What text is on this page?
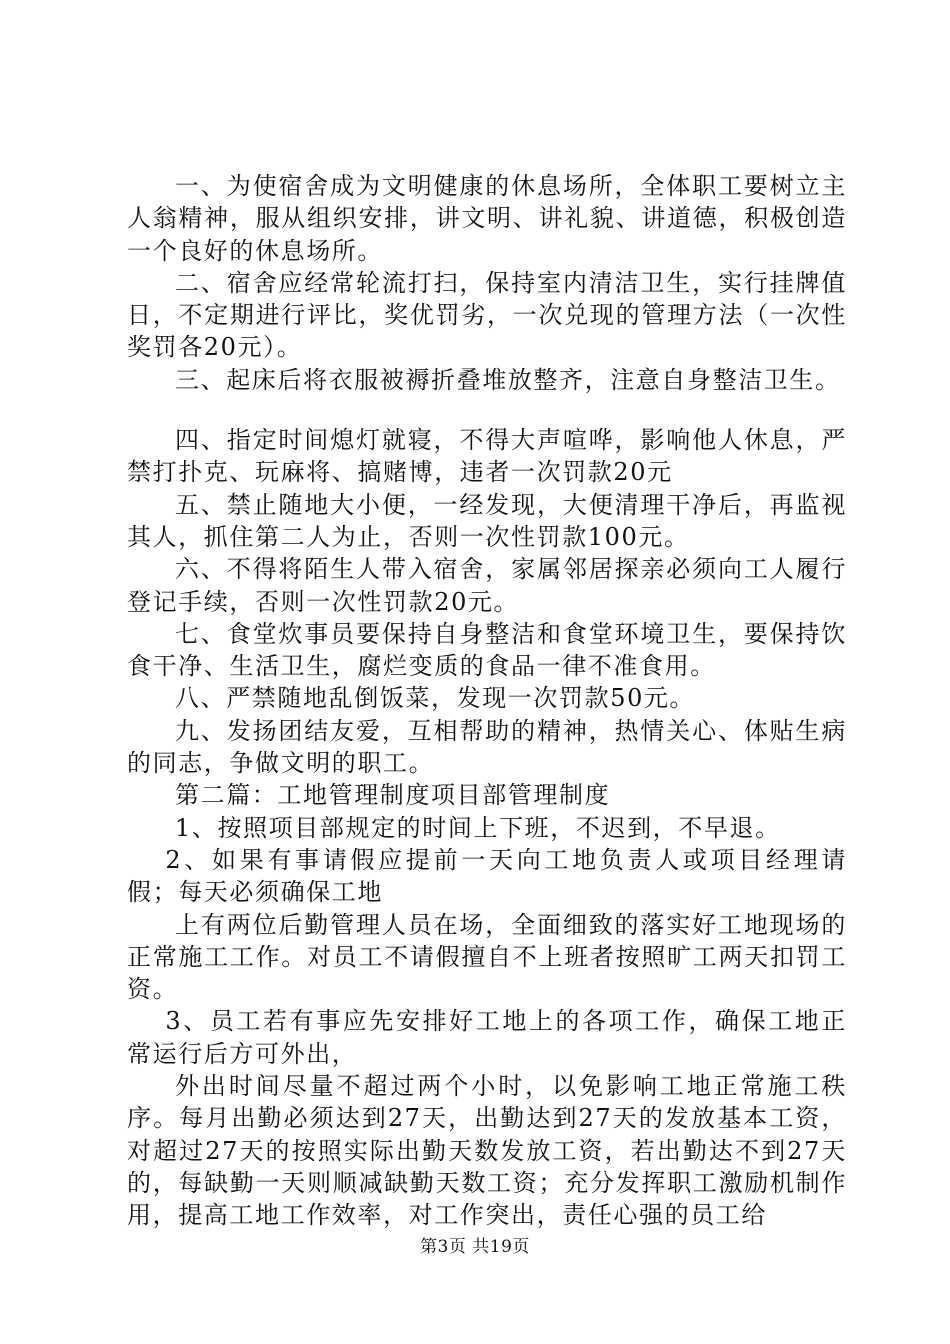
一、为使宿舍成为文明健康的休息场所，全体职工要树立主人翁精神，服从组织安排，讲文明、讲礼貌、讲道德，积极创造一个良好的休息场所。

二、宿舍应经常轮流打扫，保持室内清洁卫生，实行挂牌值日，不定期进行评比，奖优罚劣，一次兑现的管理方法（一次性奖罚各20元）。

三、起床后将衣服被褥折叠堆放整齐，注意自身整洁卫生。

四、指定时间熄灯就寝，不得大声喧哗，影响他人休息，严禁打扑克、玩麻将、搞赌博，违者一次罚款20元

五、禁止随地大小便，一经发现，大便清理干净后，再监视其人，抓住第二人为止，否则一次性罚款100元。

六、不得将陌生人带入宿舍，家属邻居探亲必须向工人履行登记手续，否则一次性罚款20元。

七、食堂炊事员要保持自身整洁和食堂环境卫生，要保持饮食干净、生活卫生，腐烂变质的食品一律不准食用。

八、严禁随地乱倒饭菜，发现一次罚款50元。

九、发扬团结友爱，互相帮助的精神，热情关心、体贴生病的同志，争做文明的职工。

第二篇：工地管理制度项目部管理制度

1、按照项目部规定的时间上下班，不迟到，不早退。

2、如果有事请假应提前一天向工地负责人或项目经理请假；每天必须确保工地

上有两位后勤管理人员在场，全面细致的落实好工地现场的正常施工工作。对员工不请假擅自不上班者按照旷工两天扣罚工资。

3、员工若有事应先安排好工地上的各项工作，确保工地正常运行后方可外出，

外出时间尽量不超过两个小时，以免影响工地正常施工秩序。每月出勤必须达到27天，出勤达到27天的发放基本工资，对超过27天的按照实际出勤天数发放工资，若出勤达不到27天的，每缺勤一天则顺减缺勤天数工资；充分发挥职工激励机制作用，提高工地工作效率，对工作突出，责任心强的员工给

第3页 共19页
